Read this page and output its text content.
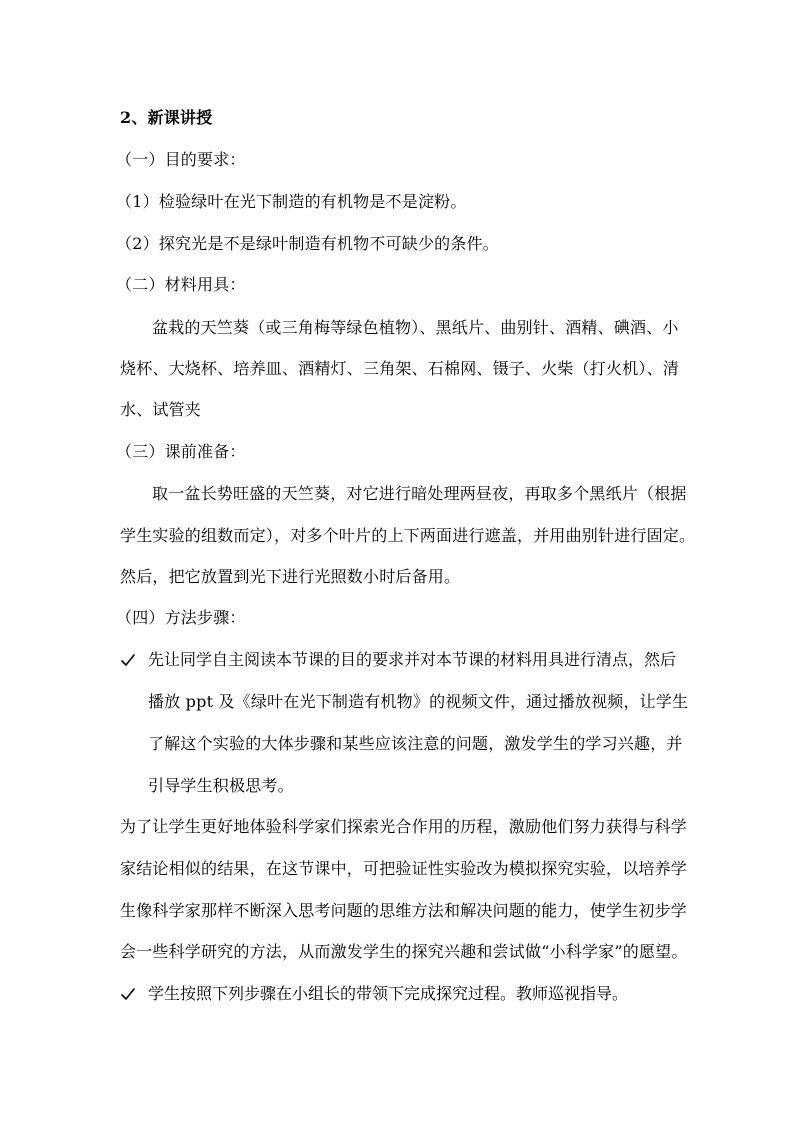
2、新课讲授
（一）目的要求：
（1）检验绿叶在光下制造的有机物是不是淀粉。
（2）探究光是不是绿叶制造有机物不可缺少的条件。
（二）材料用具：
盆栽的天竺葵（或三角梅等绿色植物）、黑纸片、曲别针、酒精、碘酒、小
烧杯、大烧杯、培养皿、酒精灯、三角架、石棉网、镊子、火柴（打火机）、清
水、试管夹
（三）课前准备：
取一盆长势旺盛的天竺葵，对它进行暗处理两昼夜，再取多个黑纸片（根据
学生实验的组数而定），对多个叶片的上下两面进行遮盖，并用曲别针进行固定。
然后，把它放置到光下进行光照数小时后备用。
（四）方法步骤：
先让同学自主阅读本节课的目的要求并对本节课的材料用具进行清点，然后
播放 ppt 及《绿叶在光下制造有机物》的视频文件，通过播放视频，让学生
了解这个实验的大体步骤和某些应该注意的问题，激发学生的学习兴趣，并
引导学生积极思考。
为了让学生更好地体验科学家们探索光合作用的历程，激励他们努力获得与科学
家结论相似的结果，在这节课中，可把验证性实验改为模拟探究实验，以培养学
生像科学家那样不断深入思考问题的思维方法和解决问题的能力，使学生初步学
会一些科学研究的方法，从而激发学生的探究兴趣和尝试做“小科学家”的愿望。
学生按照下列步骤在小组长的带领下完成探究过程。教师巡视指导。
